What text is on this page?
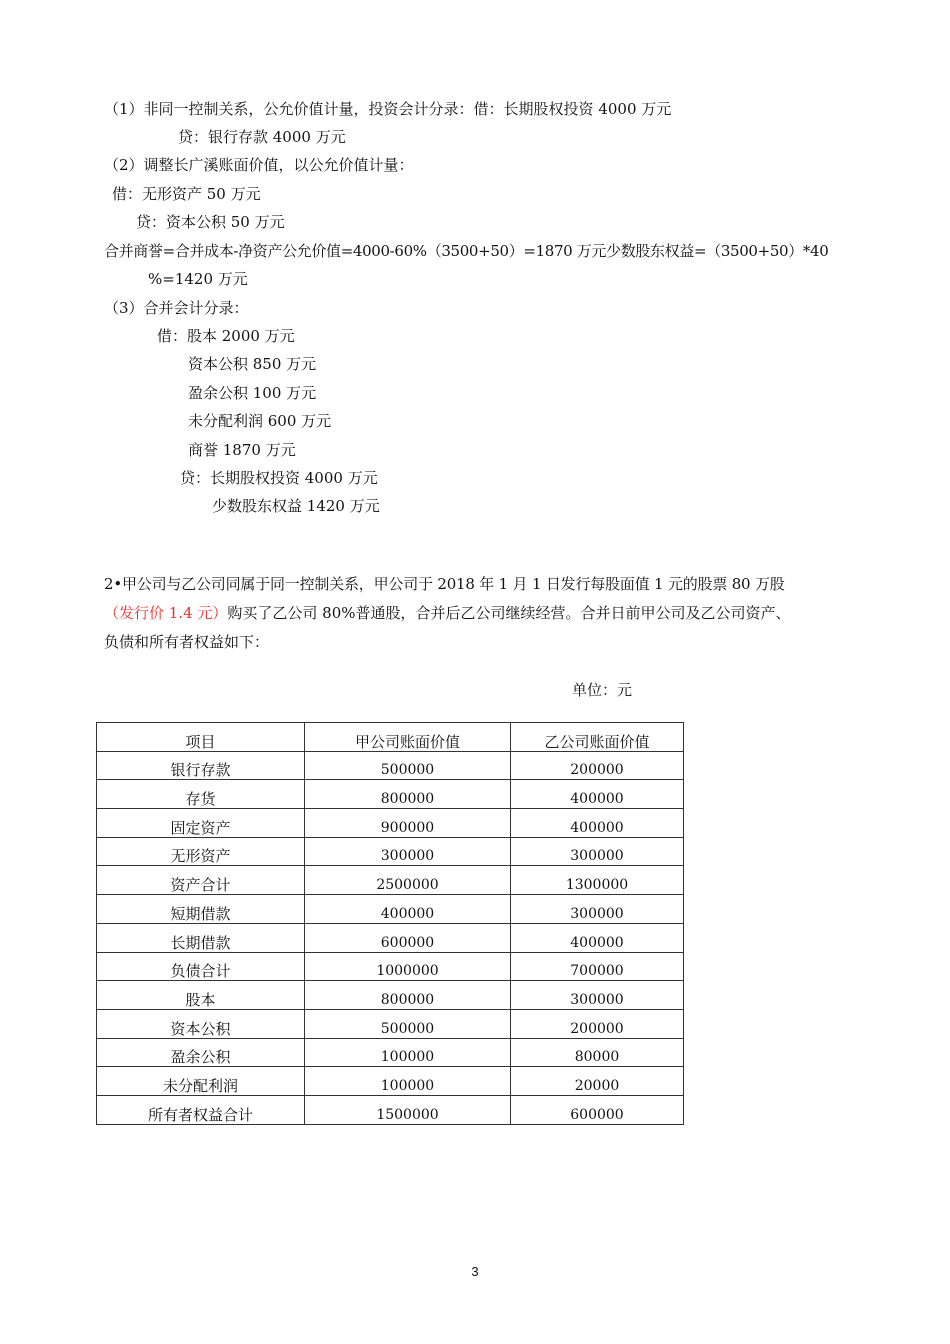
（1）非同一控制关系，公允价值计量，投资会计分录：借：长期股权投资 4000 万元
贷：银行存款 4000 万元
（2）调整长广溪账面价值，以公允价值计量：
借：无形资产 50 万元
贷：资本公积 50 万元
合并商誉=合并成本-净资产公允价值=4000-60%（3500+50）=1870 万元少数股东权益=（3500+50）*40
%=1420 万元
（3）合并会计分录：
借：股本 2000 万元
资本公积 850 万元
盈余公积 100 万元
未分配利润 600 万元
商誉 1870 万元
贷：长期股权投资 4000 万元
少数股东权益 1420 万元
2•甲公司与乙公司同属于同一控制关系，甲公司于 2018 年 1 月 1 日发行每股面值 1 元的股票 80 万股
（发行价 1.4 元）购买了乙公司 80%普通股，合并后乙公司继续经营。合并日前甲公司及乙公司资产、
负债和所有者权益如下：
单位：元
项目	甲公司账面价值	乙公司账面价值
银行存款	500000	200000
存货	800000	400000
固定资产	900000	400000
无形资产	300000	300000
资产合计	2500000	1300000
短期借款	400000	300000
长期借款	600000	400000
负债合计	1000000	700000
股本	800000	300000
资本公积	500000	200000
盈余公积	100000	80000
未分配利润	100000	20000
所有者权益合计	1500000	600000
3
